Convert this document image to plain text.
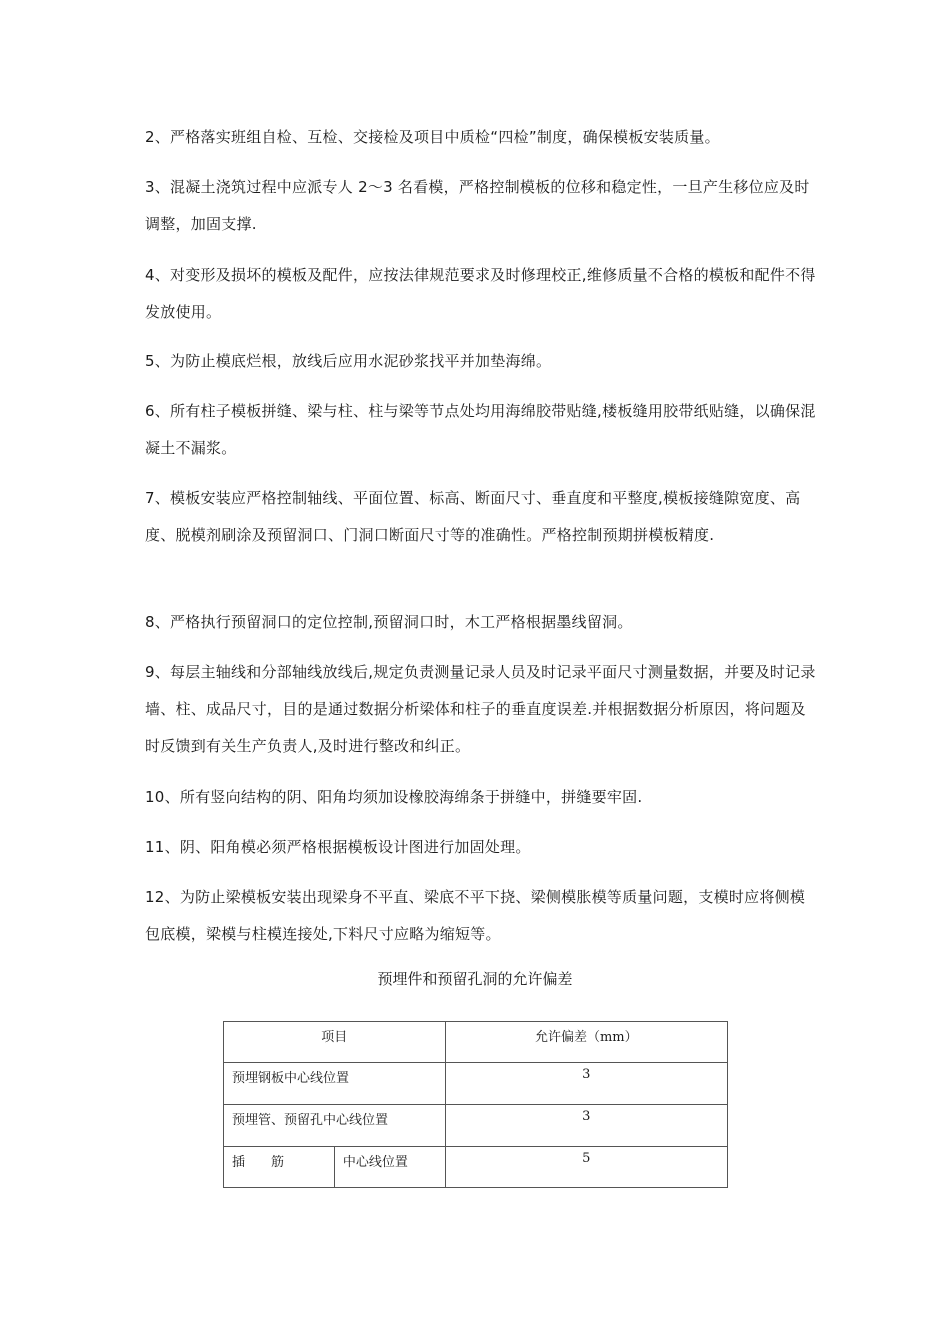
2、严格落实班组自检、互检、交接检及项目中质检“四检”制度，确保模板安装质量。

3、混凝土浇筑过程中应派专人 2～3 名看模，严格控制模板的位移和稳定性，一旦产生移位应及时调整，加固支撑.

4、对变形及损坏的模板及配件，应按法律规范要求及时修理校正,维修质量不合格的模板和配件不得发放使用。

5、为防止模底烂根，放线后应用水泥砂浆找平并加垫海绵。

6、所有柱子模板拼缝、梁与柱、柱与梁等节点处均用海绵胶带贴缝,楼板缝用胶带纸贴缝，以确保混凝土不漏浆。

7、模板安装应严格控制轴线、平面位置、标高、断面尺寸、垂直度和平整度,模板接缝隙宽度、高度、脱模剂刷涂及预留洞口、门洞口断面尺寸等的准确性。严格控制预期拼模板精度.

8、严格执行预留洞口的定位控制,预留洞口时，木工严格根据墨线留洞。

9、每层主轴线和分部轴线放线后,规定负责测量记录人员及时记录平面尺寸测量数据，并要及时记录墙、柱、成品尺寸，目的是通过数据分析梁体和柱子的垂直度误差.并根据数据分析原因，将问题及时反馈到有关生产负责人,及时进行整改和纠正。

10、所有竖向结构的阴、阳角均须加设橡胶海绵条于拼缝中，拼缝要牢固.

11、阴、阳角模必须严格根据模板设计图进行加固处理。

12、为防止梁模板安装出现梁身不平直、梁底不平下挠、梁侧模胀模等质量问题，支模时应将侧模包底模，梁模与柱模连接处,下料尺寸应略为缩短等。

预埋件和预留孔洞的允许偏差
项目		允许偏差（mm）
预埋钢板中心线位置		3
预埋管、预留孔中心线位置		3
插筋	中心线位置	5
